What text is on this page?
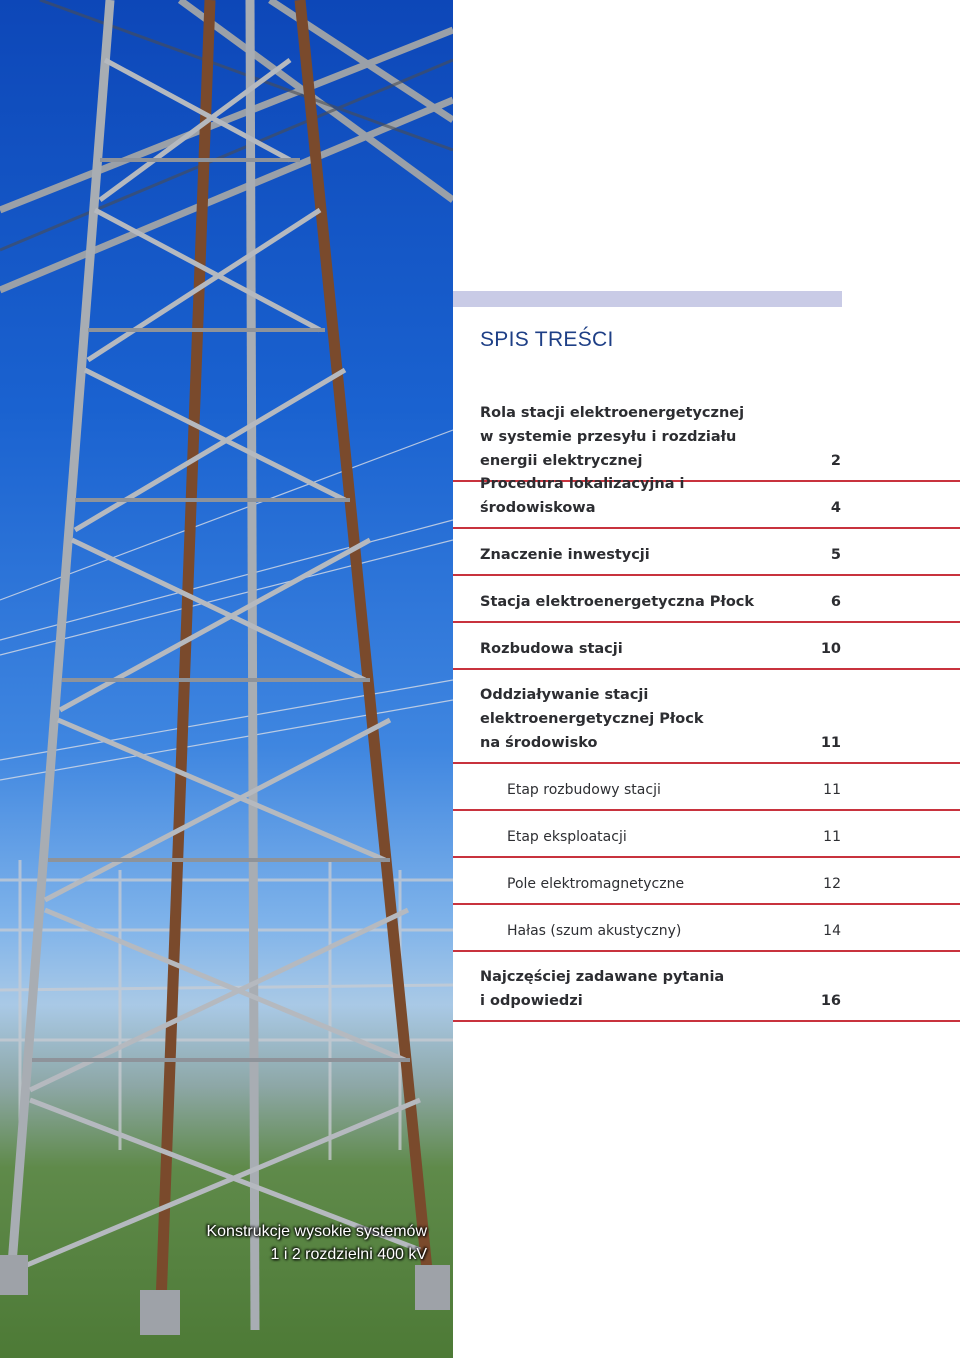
Konstrukcje wysokie systemów
1 i 2 rozdzielni 400 kV
SPIS TREŚCI
Rola stacji elektroenergetycznej
w systemie przesyłu i rozdziału
energii elektrycznej	2
Procedura lokalizacyjna i środowiskowa	4
Znaczenie inwestycji	5
Stacja elektroenergetyczna Płock	6
Rozbudowa stacji	10
Oddziaływanie stacji
elektroenergetycznej Płock
na środowisko	11
Etap rozbudowy stacji	11
Etap eksploatacji	11
Pole elektromagnetyczne	12
Hałas (szum akustyczny)	14
Najczęściej zadawane pytania
i odpowiedzi	16
